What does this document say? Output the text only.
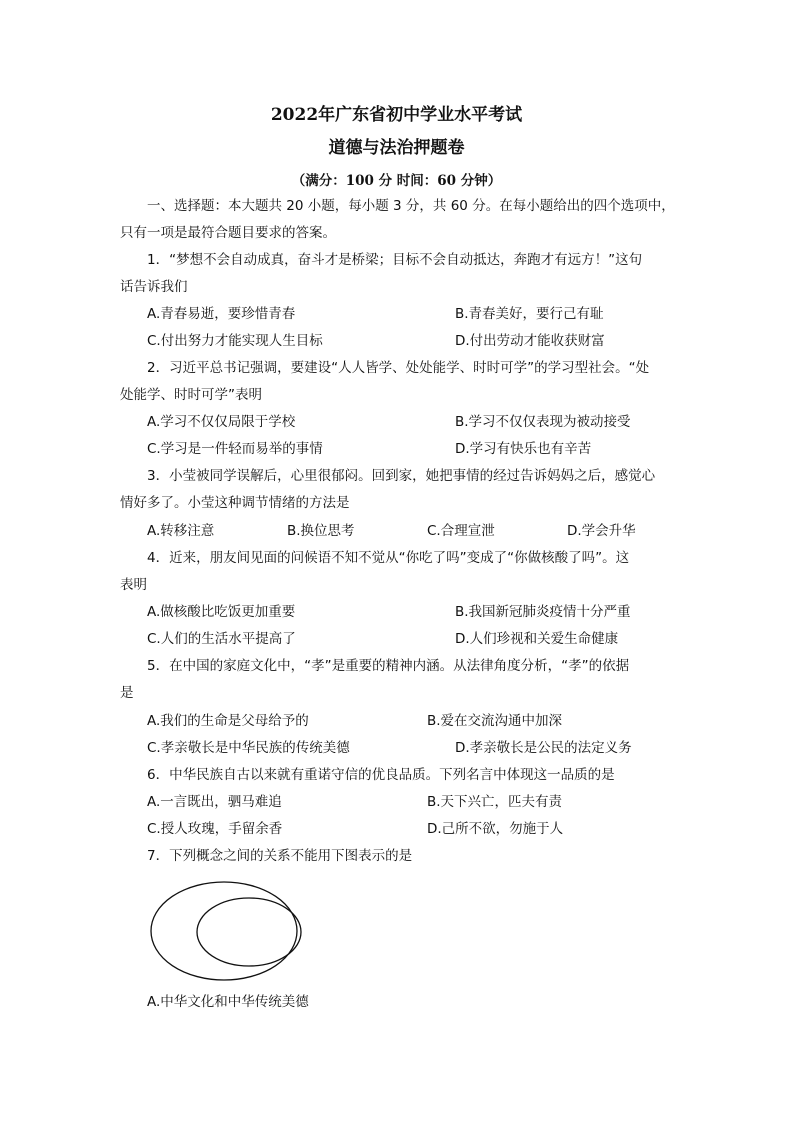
2022年广东省初中学业水平考试
道德与法治押题卷
（满分：100 分 时间：60 分钟）
一、选择题：本大题共 20 小题，每小题 3 分，共 60 分。在每小题给出的四个选项中，
只有一项是最符合题目要求的答案。
1．“梦想不会自动成真，奋斗才是桥梁；目标不会自动抵达，奔跑才有远方！”这句
话告诉我们
A.青春易逝，要珍惜青春	B.青春美好，要行己有耻
C.付出努力才能实现人生目标	D.付出劳动才能收获财富
2．习近平总书记强调，要建设“人人皆学、处处能学、时时可学”的学习型社会。“处
处能学、时时可学”表明
A.学习不仅仅局限于学校	B.学习不仅仅表现为被动接受
C.学习是一件轻而易举的事情	D.学习有快乐也有辛苦
3．小莹被同学误解后，心里很郁闷。回到家，她把事情的经过告诉妈妈之后，感觉心
情好多了。小莹这种调节情绪的方法是
A.转移注意	B.换位思考	C.合理宣泄	D.学会升华
4．近来，朋友间见面的问候语不知不觉从“你吃了吗”变成了“你做核酸了吗”。这
表明
A.做核酸比吃饭更加重要	B.我国新冠肺炎疫情十分严重
C.人们的生活水平提高了	D.人们珍视和关爱生命健康
5．在中国的家庭文化中，“孝”是重要的精神内涵。从法律角度分析，“孝”的依据
是
A.我们的生命是父母给予的	B.爱在交流沟通中加深
C.孝亲敬长是中华民族的传统美德	D.孝亲敬长是公民的法定义务
6．中华民族自古以来就有重诺守信的优良品质。下列名言中体现这一品质的是
A.一言既出，驷马难追	B.天下兴亡，匹夫有责
C.授人玫瑰，手留余香	D.己所不欲，勿施于人
7．下列概念之间的关系不能用下图表示的是
A.中华文化和中华传统美德
